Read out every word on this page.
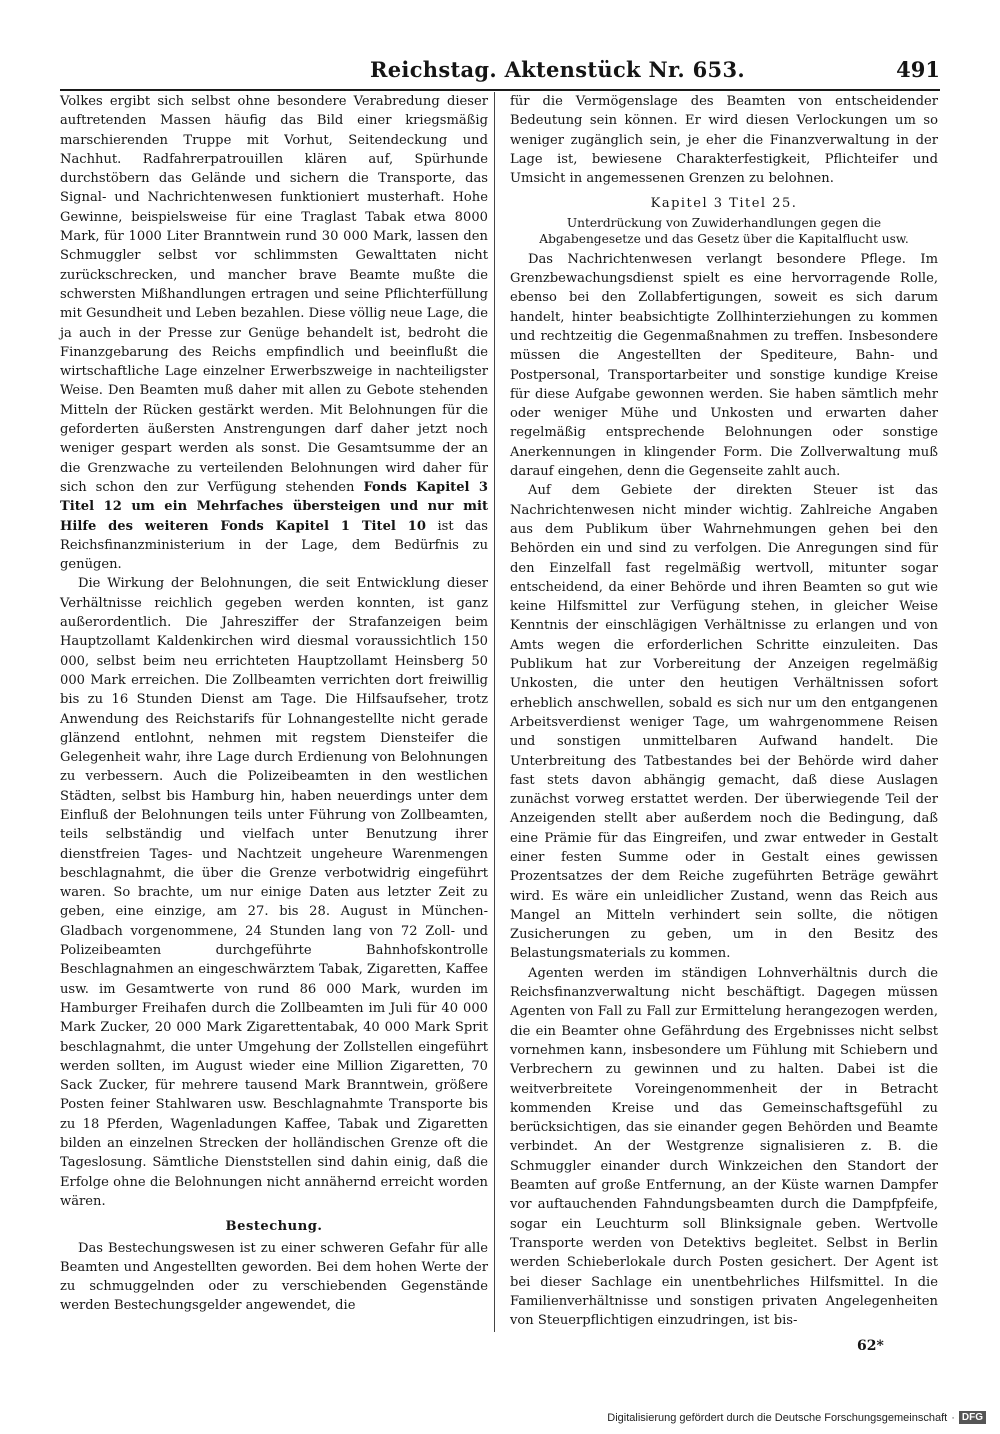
Reichstag. Aktenstück Nr. 653.	491

Volkes ergibt sich selbst ohne besondere Verabredung dieser auftretenden Massen häufig das Bild einer kriegsmäßig marschierenden Truppe mit Vorhut, Seitendeckung und Nachhut. Radfahrerpatrouillen klären auf, Spürhunde durchstöbern das Gelände und sichern die Transporte, das Signal- und Nachrichtenwesen funktioniert musterhaft. Hohe Gewinne, beispielsweise für eine Traglast Tabak etwa 8000 Mark, für 1000 Liter Branntwein rund 30 000 Mark, lassen den Schmuggler selbst vor schlimmsten Gewalttaten nicht zurückschrecken, und mancher brave Beamte mußte die schwersten Mißhandlungen ertragen und seine Pflichterfüllung mit Gesundheit und Leben bezahlen. Diese völlig neue Lage, die ja auch in der Presse zur Genüge behandelt ist, bedroht die Finanzgebarung des Reichs empfindlich und beeinflußt die wirtschaftliche Lage einzelner Erwerbszweige in nachteiligster Weise. Den Beamten muß daher mit allen zu Gebote stehenden Mitteln der Rücken gestärkt werden. Mit Belohnungen für die geforderten äußersten Anstrengungen darf daher jetzt noch weniger gespart werden als sonst. Die Gesamtsumme der an die Grenzwache zu verteilenden Belohnungen wird daher für sich schon den zur Verfügung stehenden Fonds Kapitel 3 Titel 12 um ein Mehrfaches übersteigen und nur mit Hilfe des weiteren Fonds Kapitel 1 Titel 10 ist das Reichsfinanzministerium in der Lage, dem Bedürfnis zu genügen.

Die Wirkung der Belohnungen, die seit Entwicklung dieser Verhältnisse reichlich gegeben werden konnten, ist ganz außerordentlich. Die Jahresziffer der Strafanzeigen beim Hauptzollamt Kaldenkirchen wird diesmal voraussichtlich 150 000, selbst beim neu errichteten Hauptzollamt Heinsberg 50 000 Mark erreichen. Die Zollbeamten verrichten dort freiwillig bis zu 16 Stunden Dienst am Tage. Die Hilfsaufseher, trotz Anwendung des Reichstarifs für Lohnangestellte nicht gerade glänzend entlohnt, nehmen mit regstem Diensteifer die Gelegenheit wahr, ihre Lage durch Erdienung von Belohnungen zu verbessern. Auch die Polizeibeamten in den westlichen Städten, selbst bis Hamburg hin, haben neuerdings unter dem Einfluß der Belohnungen teils unter Führung von Zollbeamten, teils selbständig und vielfach unter Benutzung ihrer dienstfreien Tages- und Nachtzeit ungeheure Warenmengen beschlagnahmt, die über die Grenze verbotwidrig eingeführt waren. So brachte, um nur einige Daten aus letzter Zeit zu geben, eine einzige, am 27. bis 28. August in München-Gladbach vorgenommene, 24 Stunden lang von 72 Zoll- und Polizeibeamten durchgeführte Bahnhofskontrolle Beschlagnahmen an eingeschwärztem Tabak, Zigaretten, Kaffee usw. im Gesamtwerte von rund 86 000 Mark, wurden im Hamburger Freihafen durch die Zollbeamten im Juli für 40 000 Mark Zucker, 20 000 Mark Zigarettentabak, 40 000 Mark Sprit beschlagnahmt, die unter Umgehung der Zollstellen eingeführt werden sollten, im August wieder eine Million Zigaretten, 70 Sack Zucker, für mehrere tausend Mark Branntwein, größere Posten feiner Stahlwaren usw. Beschlagnahmte Transporte bis zu 18 Pferden, Wagenladungen Kaffee, Tabak und Zigaretten bilden an einzelnen Strecken der holländischen Grenze oft die Tageslosung. Sämtliche Dienststellen sind dahin einig, daß die Erfolge ohne die Belohnungen nicht annähernd erreicht worden wären.

Bestechung.

Das Bestechungswesen ist zu einer schweren Gefahr für alle Beamten und Angestellten geworden. Bei dem hohen Werte der zu schmuggelnden oder zu verschiebenden Gegenstände werden Bestechungsgelder angewendet, die

für die Vermögenslage des Beamten von entscheidender Bedeutung sein können. Er wird diesen Verlockungen um so weniger zugänglich sein, je eher die Finanzverwaltung in der Lage ist, bewiesene Charakterfestigkeit, Pflichteifer und Umsicht in angemessenen Grenzen zu belohnen.

Kapitel 3 Titel 25.
Unterdrückung von Zuwiderhandlungen gegen die Abgabengesetze und das Gesetz über die Kapitalflucht usw.

Das Nachrichtenwesen verlangt besondere Pflege. Im Grenzbewachungsdienst spielt es eine hervorragende Rolle, ebenso bei den Zollabfertigungen, soweit es sich darum handelt, hinter beabsichtigte Zollhinterziehungen zu kommen und rechtzeitig die Gegenmaßnahmen zu treffen. Insbesondere müssen die Angestellten der Spediteure, Bahn- und Postpersonal, Transportarbeiter und sonstige kundige Kreise für diese Aufgabe gewonnen werden. Sie haben sämtlich mehr oder weniger Mühe und Unkosten und erwarten daher regelmäßig entsprechende Belohnungen oder sonstige Anerkennungen in klingender Form. Die Zollverwaltung muß darauf eingehen, denn die Gegenseite zahlt auch.

Auf dem Gebiete der direkten Steuer ist das Nachrichtenwesen nicht minder wichtig. Zahlreiche Angaben aus dem Publikum über Wahrnehmungen gehen bei den Behörden ein und sind zu verfolgen. Die Anregungen sind für den Einzelfall fast regelmäßig wertvoll, mitunter sogar entscheidend, da einer Behörde und ihren Beamten so gut wie keine Hilfsmittel zur Verfügung stehen, in gleicher Weise Kenntnis der einschlägigen Verhältnisse zu erlangen und von Amts wegen die erforderlichen Schritte einzuleiten. Das Publikum hat zur Vorbereitung der Anzeigen regelmäßig Unkosten, die unter den heutigen Verhältnissen sofort erheblich anschwellen, sobald es sich nur um den entgangenen Arbeitsverdienst weniger Tage, um wahrgenommene Reisen und sonstigen unmittelbaren Aufwand handelt. Die Unterbreitung des Tatbestandes bei der Behörde wird daher fast stets davon abhängig gemacht, daß diese Auslagen zunächst vorweg erstattet werden. Der überwiegende Teil der Anzeigenden stellt aber außerdem noch die Bedingung, daß eine Prämie für das Eingreifen, und zwar entweder in Gestalt einer festen Summe oder in Gestalt eines gewissen Prozentsatzes der dem Reiche zugeführten Beträge gewährt wird. Es wäre ein unleidlicher Zustand, wenn das Reich aus Mangel an Mitteln verhindert sein sollte, die nötigen Zusicherungen zu geben, um in den Besitz des Belastungsmaterials zu kommen.

Agenten werden im ständigen Lohnverhältnis durch die Reichsfinanzverwaltung nicht beschäftigt. Dagegen müssen Agenten von Fall zu Fall zur Ermittelung herangezogen werden, die ein Beamter ohne Gefährdung des Ergebnisses nicht selbst vornehmen kann, insbesondere um Fühlung mit Schiebern und Verbrechern zu gewinnen und zu halten. Dabei ist die weitverbreitete Voreingenommenheit der in Betracht kommenden Kreise und das Gemeinschaftsgefühl zu berücksichtigen, das sie einander gegen Behörden und Beamte verbindet. An der Westgrenze signalisieren z. B. die Schmuggler einander durch Winkzeichen den Standort der Beamten auf große Entfernung, an der Küste warnen Dampfer vor auftauchenden Fahndungsbeamten durch die Dampfpfeife, sogar ein Leuchturm soll Blinksignale geben. Wertvolle Transporte werden von Detektivs begleitet. Selbst in Berlin werden Schieberlokale durch Posten gesichert. Der Agent ist bei dieser Sachlage ein unentbehrliches Hilfsmittel. In die Familienverhältnisse und sonstigen privaten Angelegenheiten von Steuerpflichtigen einzudringen, ist bis-

62*
Digitalisierung gefördert durch die Deutsche Forschungsgemeinschaft · DFG
